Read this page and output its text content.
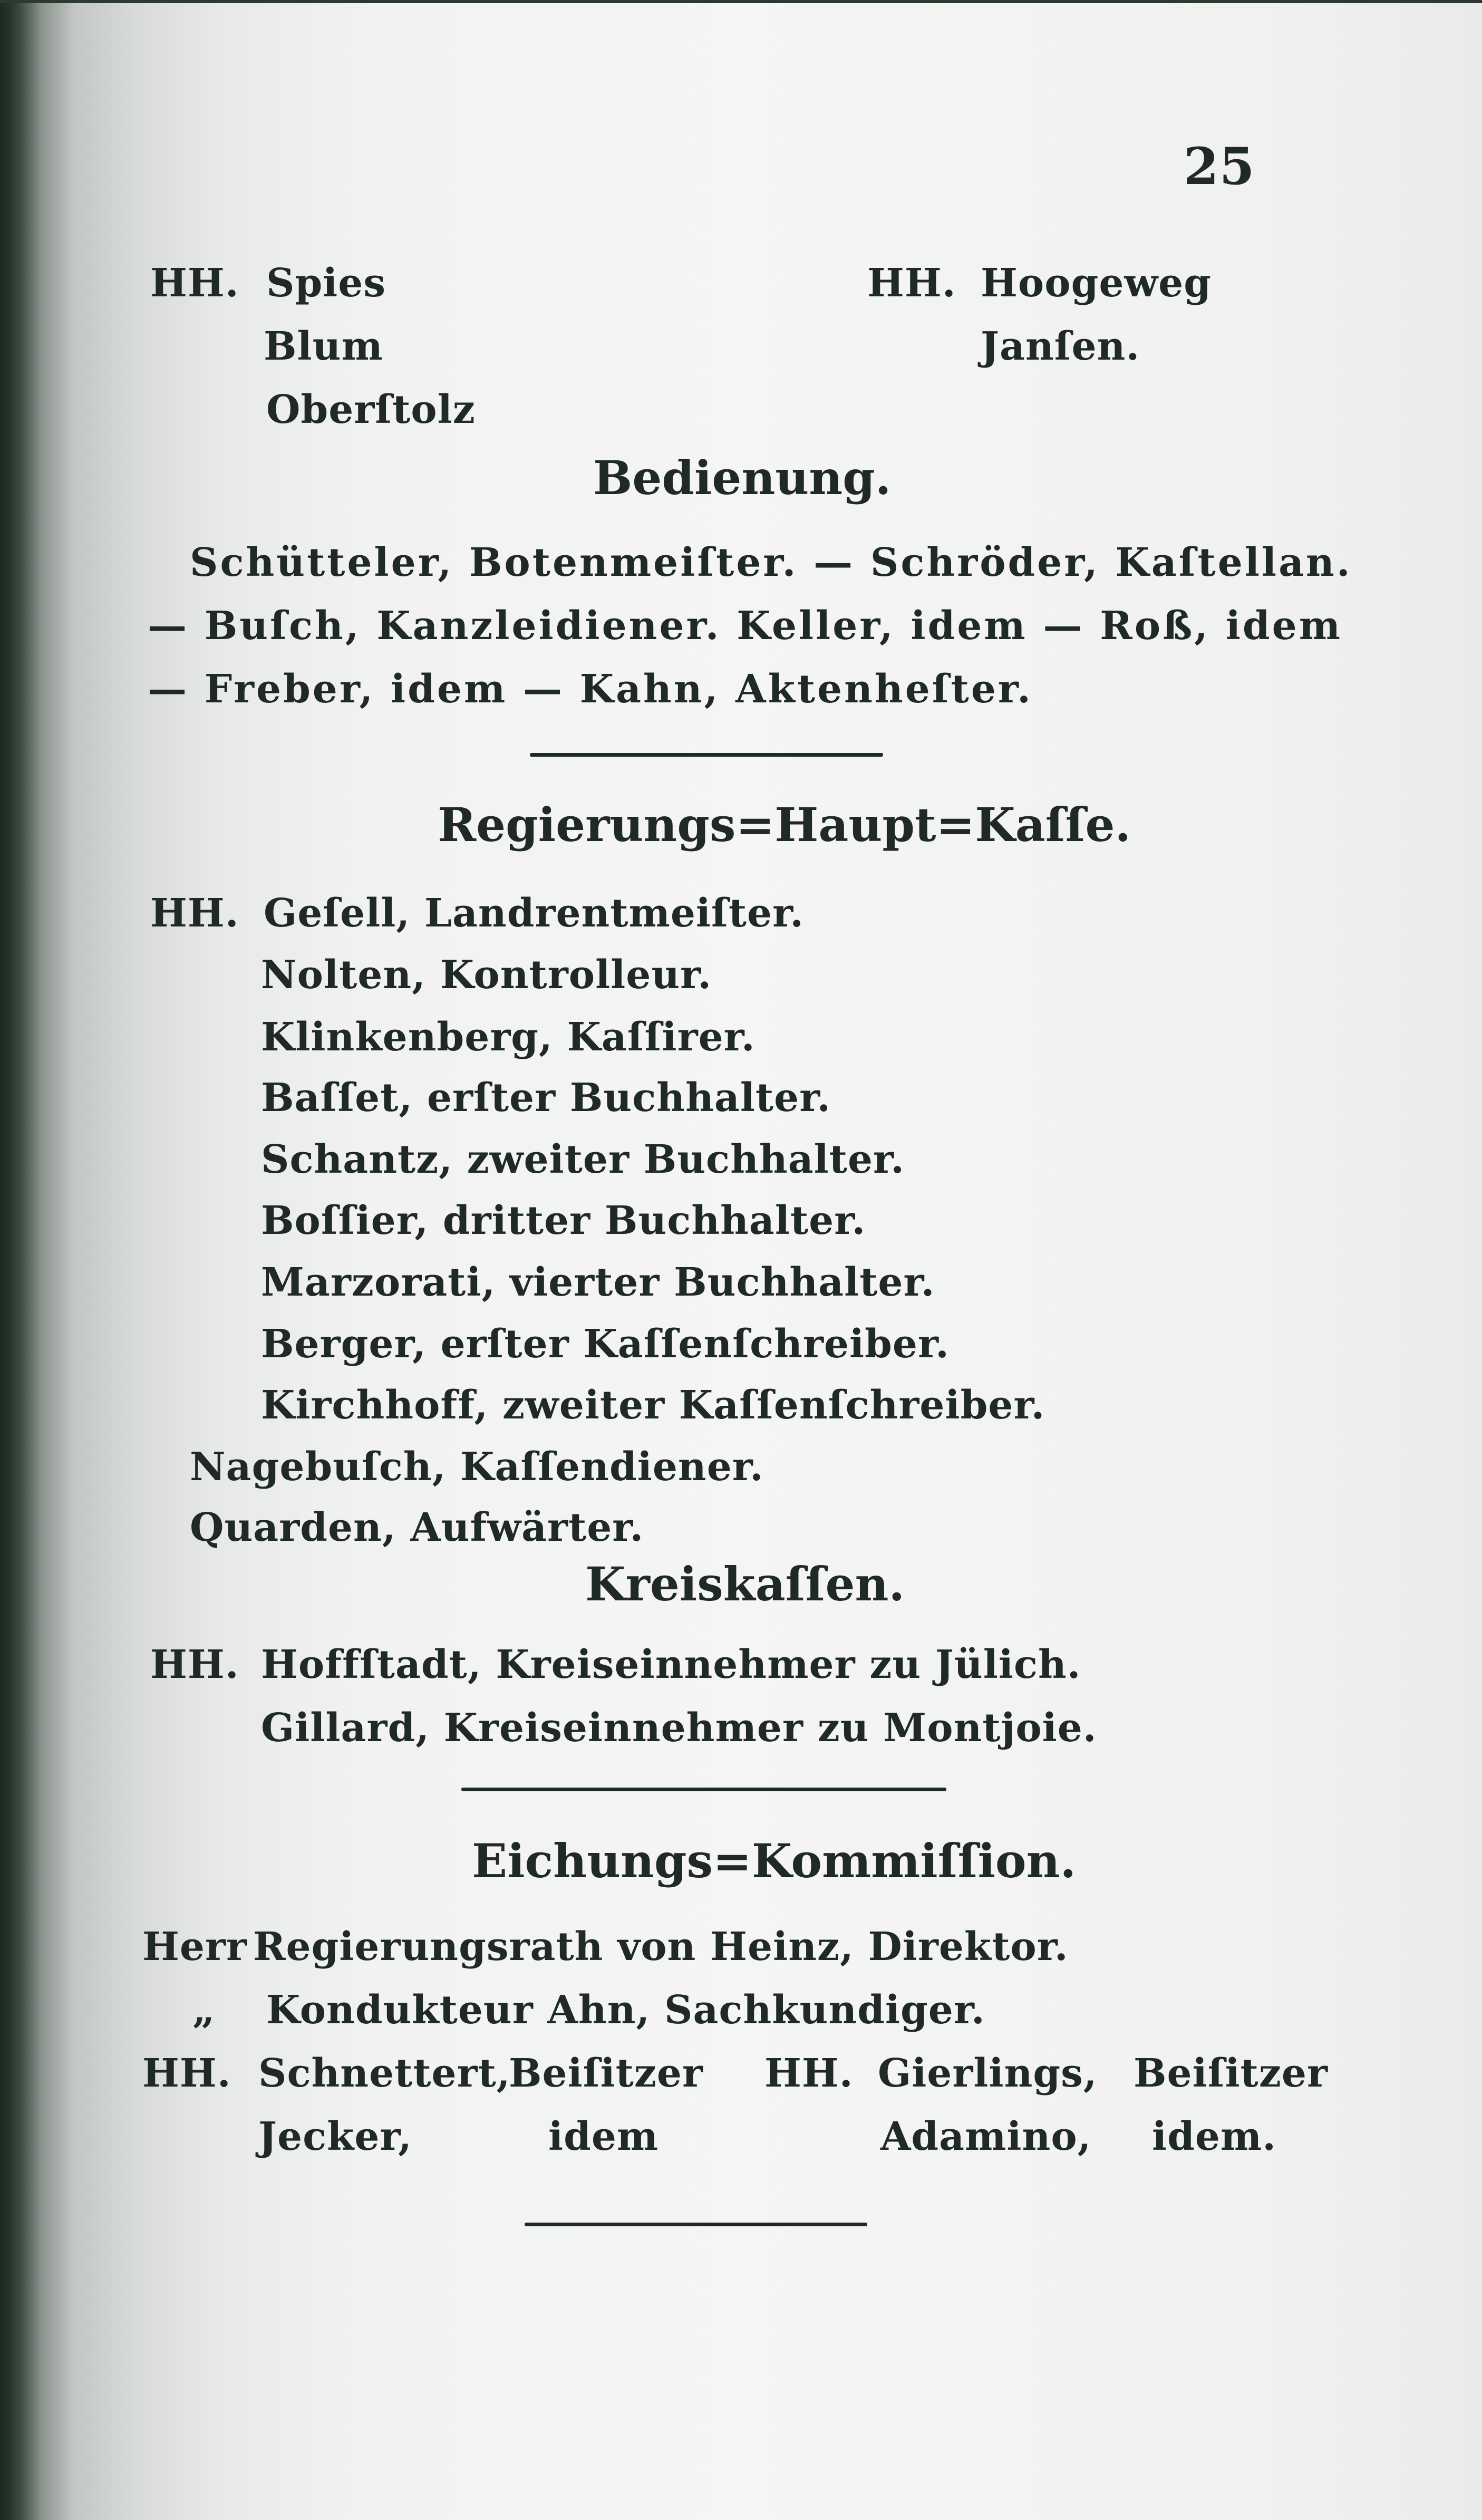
25
HH. Spies
Blum
Oberſtolz
HH. Hoogeweg
Janſen.
Bedienung.
Schütteler, Botenmeiſter. — Schröder, Kaſtellan.
— Buſch, Kanzleidiener. Keller, idem — Roß, idem
— Freber, idem — Kahn, Aktenheſter.
Regierungs=Haupt=Kaſſe.
HH. Geſell, Landrentmeiſter.
Nolten, Kontrolleur.
Klinkenberg, Kaſſirer.
Baſſet, erſter Buchhalter.
Schantz, zweiter Buchhalter.
Boſſier, dritter Buchhalter.
Marzorati, vierter Buchhalter.
Berger, erſter Kaſſenſchreiber.
Kirchhoff, zweiter Kaſſenſchreiber.
Nagebuſch, Kaſſendiener.
Quarden, Aufwärter.
Kreiskaſſen.
HH. Hoffſtadt, Kreiseinnehmer zu Jülich.
Gillard, Kreiseinnehmer zu Montjoie.
Eichungs=Kommiſſion.
Herr Regierungsrath von Heinz, Direktor.
„ Kondukteur Ahn, Sachkundiger.
HH. Schnettert,
Beiſitzer HH. Gierlings, Beiſitzer
Jecker,	idem	Adamino, idem.
